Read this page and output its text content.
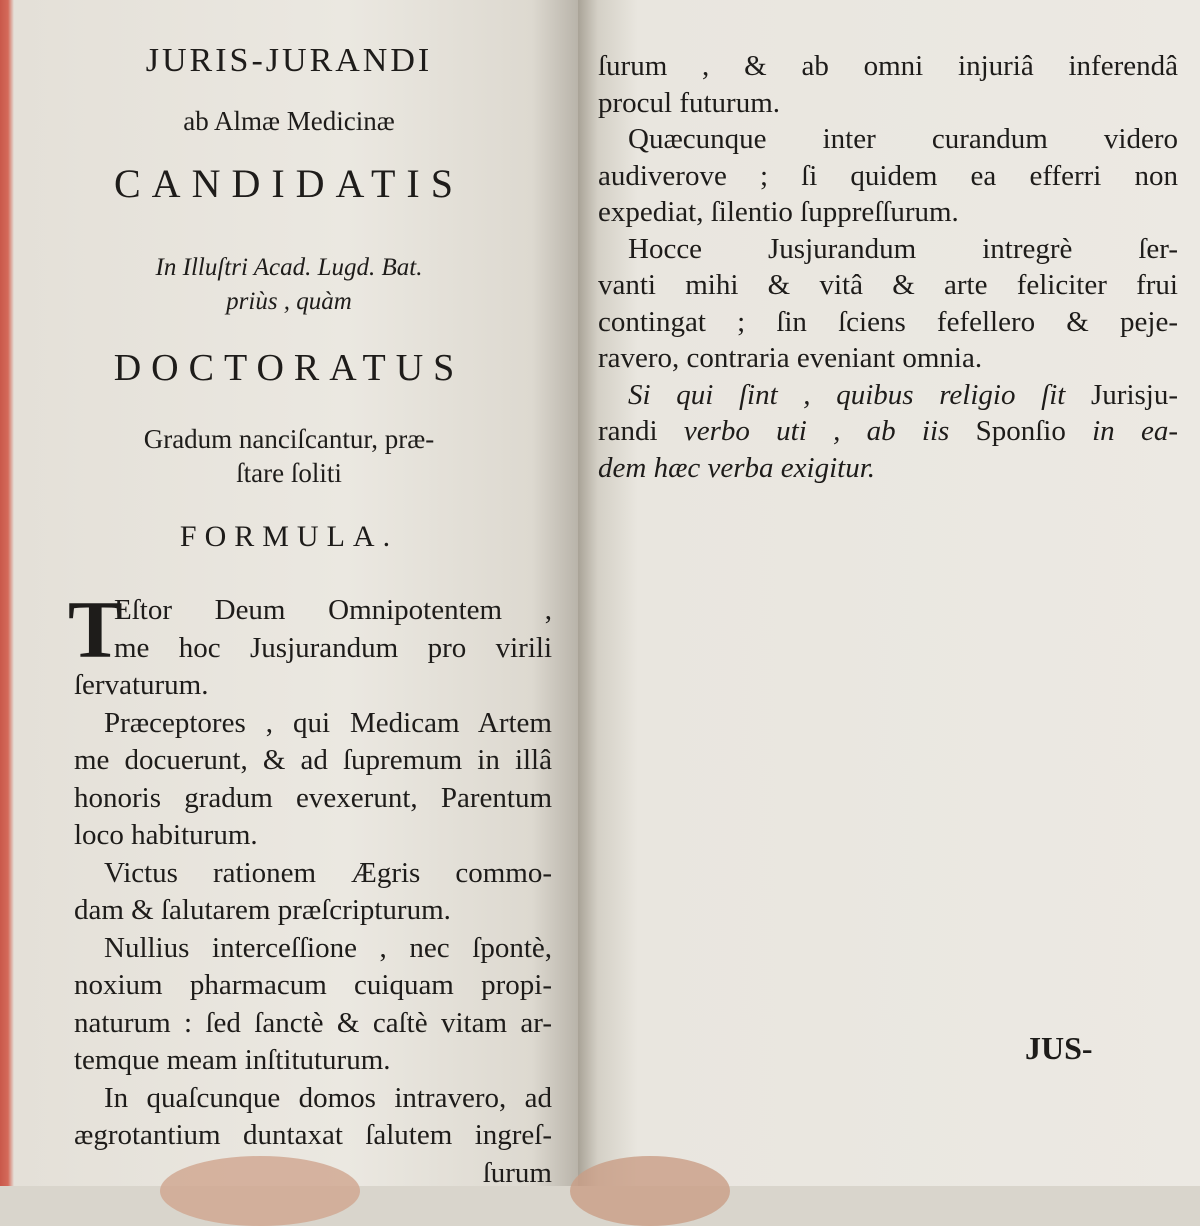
JURIS-JURANDI
ab Almæ Medicinæ
CANDIDATIS
In Illuſtri Acad. Lugd. Bat.
priùs , quàm
DOCTORATUS
Gradum nanciſcantur, præ-
ſtare ſoliti
FORMULA.
T
Eſtor Deum Omnipotentem ,
me hoc Jusjurandum pro virili
ſervaturum.
Præceptores , qui Medicam Artem
me docuerunt, & ad ſupremum in illâ
honoris gradum evexerunt, Parentum
loco habiturum.
Victus rationem Ægris commo-
dam & ſalutarem præſcripturum.
Nullius interceſſione , nec ſpontè,
noxium pharmacum cuiquam propi-
naturum : ſed ſanctè & caſtè vitam ar-
temque meam inſtituturum.
In quaſcunque domos intravero, ad
ægrotantium duntaxat ſalutem ingreſ-
ſurum
ſurum , & ab omni injuriâ inferendâ
procul futurum.
Quæcunque inter curandum videro
audiverove ; ſi quidem ea efferri non
expediat, ſilentio ſuppreſſurum.
Hocce Jusjurandum intregrè ſer-
vanti mihi & vitâ & arte feliciter frui
contingat ; ſin ſciens fefellero & peje-
ravero, contraria eveniant omnia.
Si qui ſint , quibus religio ſit Jurisju-
randi verbo uti , ab iis Sponſio in ea-
dem hæc verba exigitur.
JUS-
